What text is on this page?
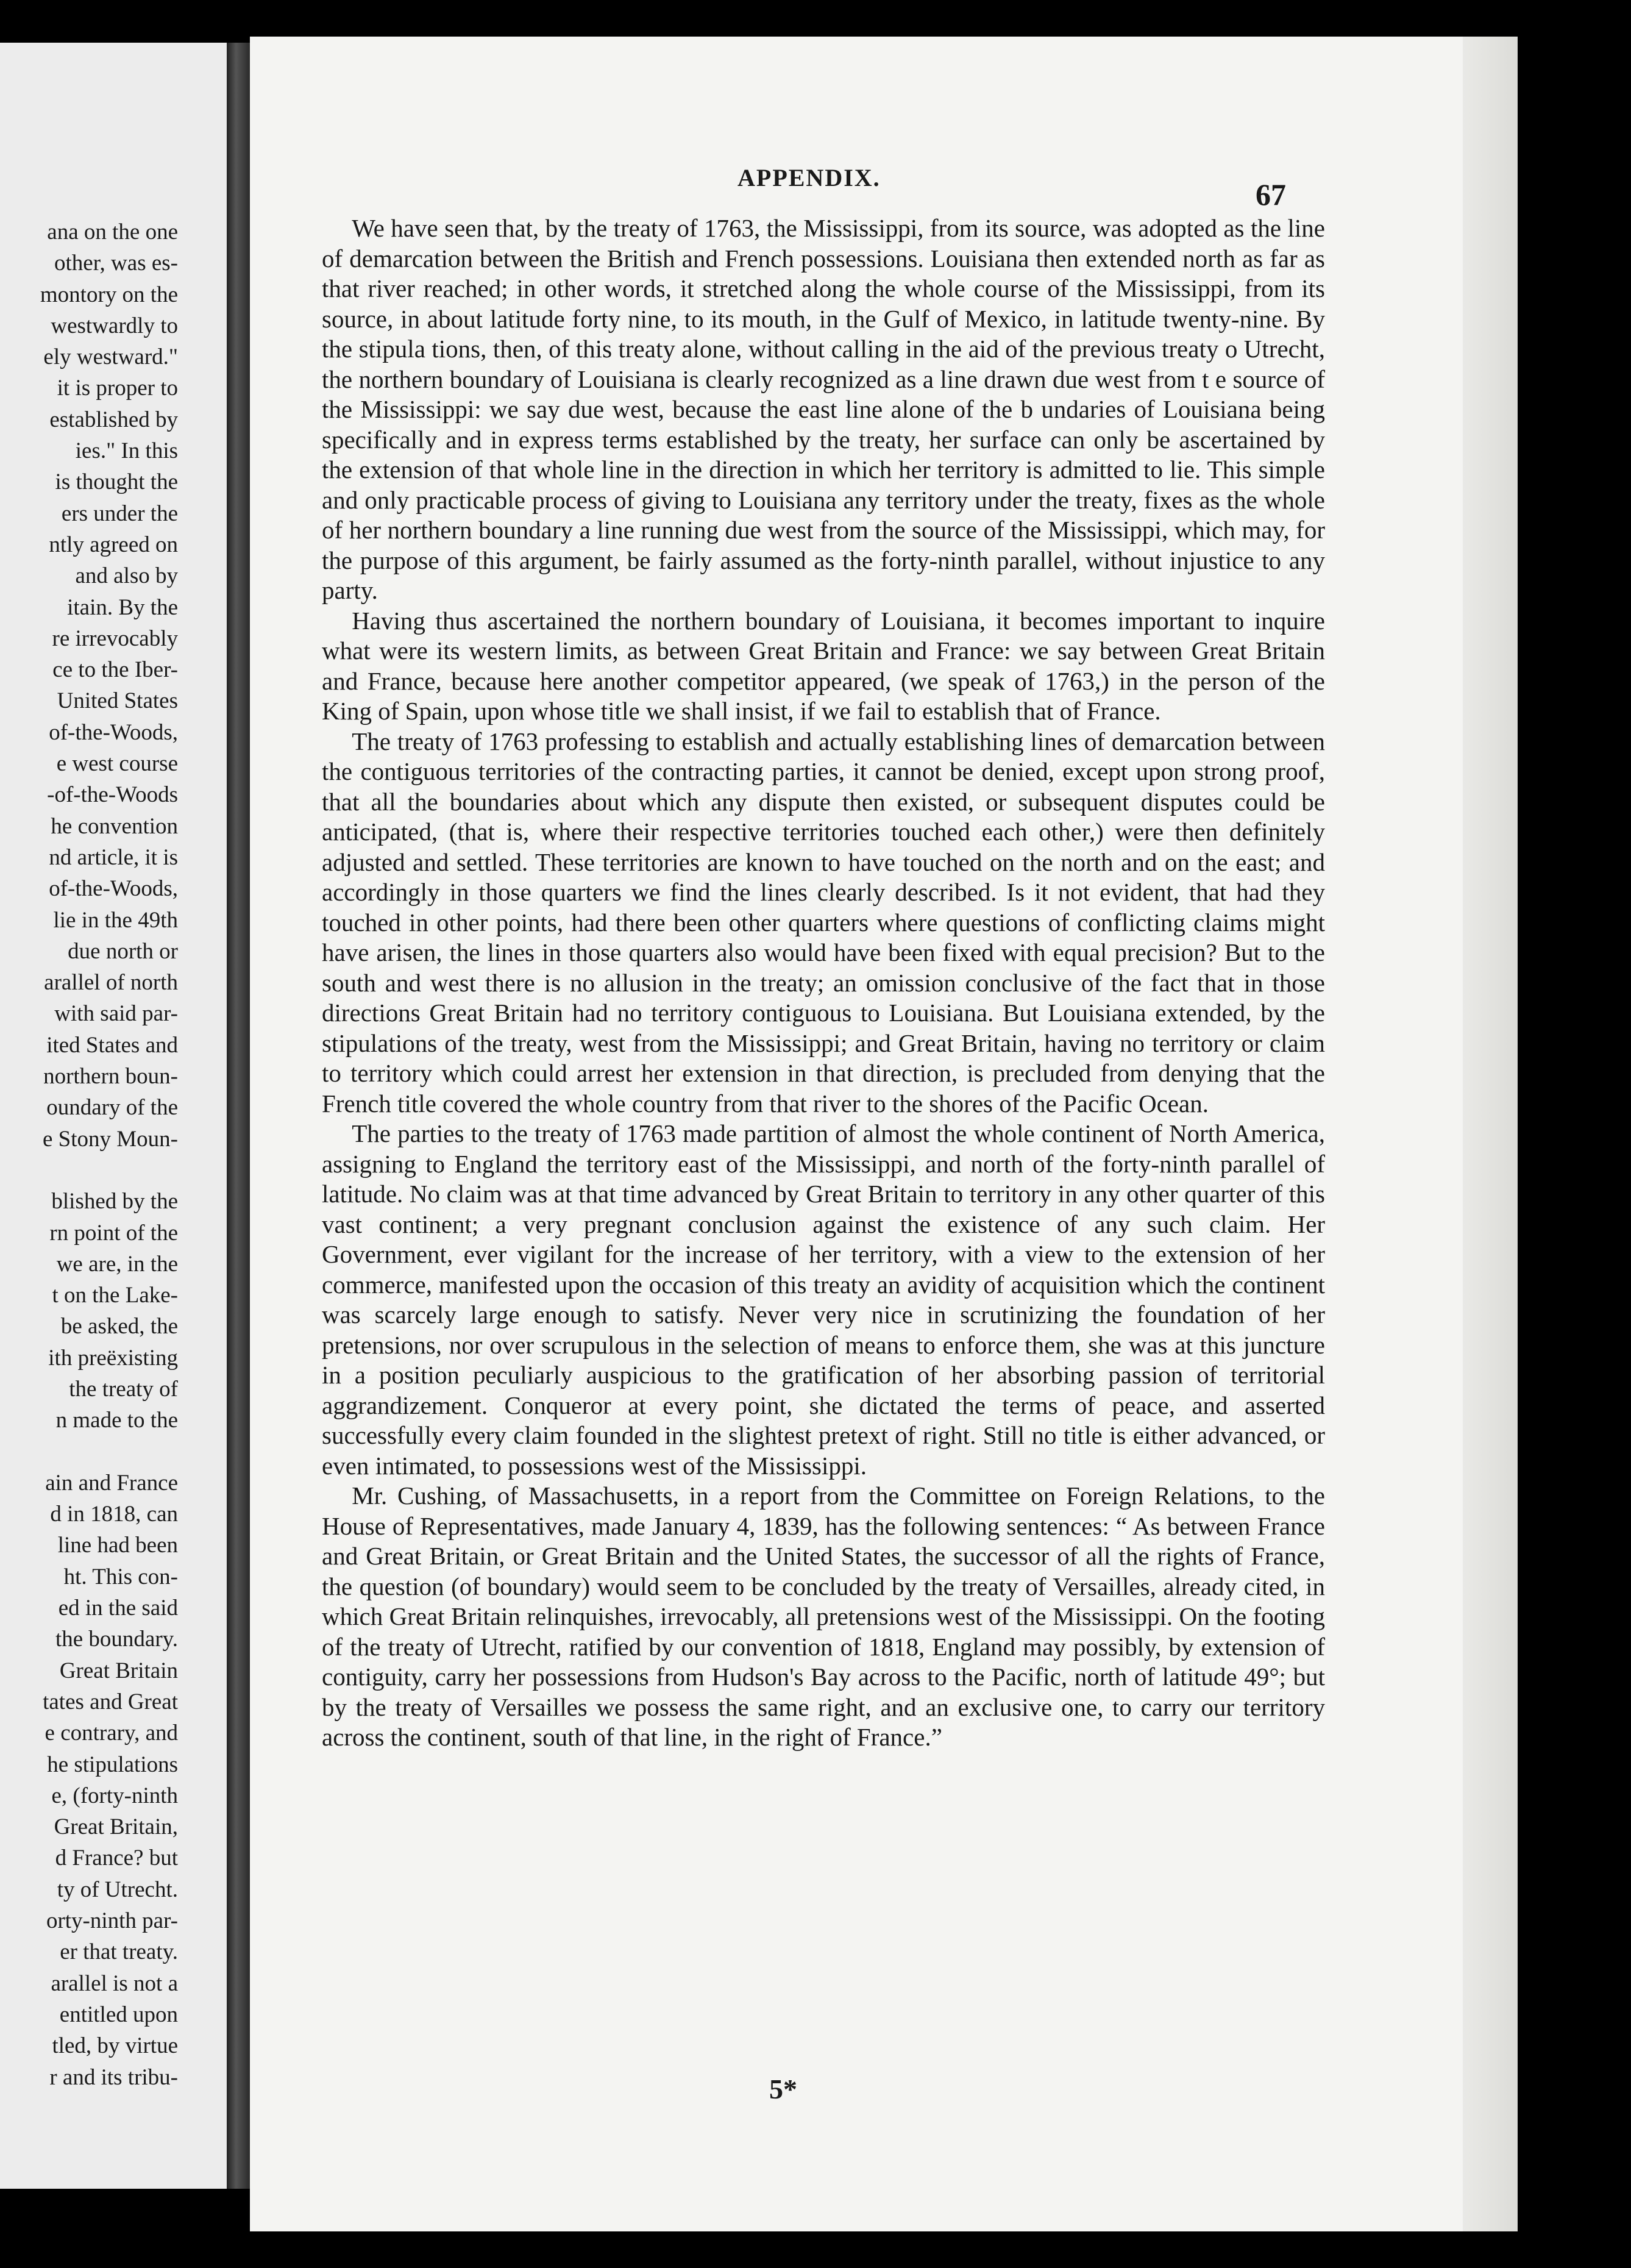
ana on the one
other, was es-
montory on the
westwardly to
ely westward."
it is proper to
established by
ies." In this
is thought the
ers under the
ntly agreed on
and also by
itain. By the
re irrevocably
ce to the Iber-
United States
of-the-Woods,
e west course
-of-the-Woods
he convention
nd article, it is
of-the-Woods,
lie in the 49th
due north or
arallel of north
with said par-
ited States and
northern boun-
oundary of the
e Stony Moun-
blished by the
rn point of the
we are, in the
t on the Lake-
be asked, the
ith preëxisting
the treaty of
n made to the
ain and France
d in 1818, can
line had been
ht. This con-
ed in the said
the boundary.
Great Britain
tates and Great
e contrary, and
he stipulations
e, (forty-ninth
Great Britain,
d France? but
ty of Utrecht.
orty-ninth par-
er that treaty.
arallel is not a
entitled upon
tled, by virtue
r and its tribu-
APPENDIX.	67

We have seen that, by the treaty of 1763, the Mississippi, from its source, was adopted as the line of demarcation between the British and French possessions. Louisiana then extended north as far as that river reached; in other words, it stretched along the whole course of the Mississippi, from its source, in about latitude forty nine, to its mouth, in the Gulf of Mexico, in latitude twenty-nine. By the stipula tions, then, of this treaty alone, without calling in the aid of the previous treaty o Utrecht, the northern boundary of Louisiana is clearly recognized as a line drawn due west from t e source of the Mississippi: we say due west, because the east line alone of the b undaries of Louisiana being specifically and in express terms established by the treaty, her surface can only be ascertained by the extension of that whole line in the direction in which her territory is admitted to lie. This simple and only practicable process of giving to Louisiana any territory under the treaty, fixes as the whole of her northern boundary a line running due west from the source of the Mississippi, which may, for the purpose of this argument, be fairly assumed as the forty-ninth parallel, without injustice to any party.

Having thus ascertained the northern boundary of Louisiana, it becomes important to inquire what were its western limits, as between Great Britain and France: we say between Great Britain and France, because here another competitor appeared, (we speak of 1763,) in the person of the King of Spain, upon whose title we shall insist, if we fail to establish that of France.

The treaty of 1763 professing to establish and actually establishing lines of demarcation between the contiguous territories of the contracting parties, it cannot be denied, except upon strong proof, that all the boundaries about which any dispute then existed, or subsequent disputes could be anticipated, (that is, where their respective territories touched each other,) were then definitely adjusted and settled. These territories are known to have touched on the north and on the east; and accordingly in those quarters we find the lines clearly described. Is it not evident, that had they touched in other points, had there been other quarters where questions of conflicting claims might have arisen, the lines in those quarters also would have been fixed with equal precision? But to the south and west there is no allusion in the treaty; an omission conclusive of the fact that in those directions Great Britain had no territory contiguous to Louisiana. But Louisiana extended, by the stipulations of the treaty, west from the Mississippi; and Great Britain, having no territory or claim to territory which could arrest her extension in that direction, is precluded from denying that the French title covered the whole country from that river to the shores of the Pacific Ocean.

The parties to the treaty of 1763 made partition of almost the whole continent of North America, assigning to England the territory east of the Mississippi, and north of the forty-ninth parallel of latitude. No claim was at that time advanced by Great Britain to territory in any other quarter of this vast continent; a very pregnant conclusion against the existence of any such claim. Her Government, ever vigilant for the increase of her territory, with a view to the extension of her commerce, manifested upon the occasion of this treaty an avidity of acquisition which the continent was scarcely large enough to satisfy. Never very nice in scrutinizing the foundation of her pretensions, nor over scrupulous in the selection of means to enforce them, she was at this juncture in a position peculiarly auspicious to the gratification of her absorbing passion of territorial aggrandizement. Conqueror at every point, she dictated the terms of peace, and asserted successfully every claim founded in the slightest pretext of right. Still no title is either advanced, or even intimated, to possessions west of the Mississippi.

Mr. Cushing, of Massachusetts, in a report from the Committee on Foreign Relations, to the House of Representatives, made January 4, 1839, has the following sentences: “ As between France and Great Britain, or Great Britain and the United States, the successor of all the rights of France, the question (of boundary) would seem to be concluded by the treaty of Versailles, already cited, in which Great Britain relinquishes, irrevocably, all pretensions west of the Mississippi. On the footing of the treaty of Utrecht, ratified by our convention of 1818, England may possibly, by extension of contiguity, carry her possessions from Hudson's Bay across to the Pacific, north of latitude 49°; but by the treaty of Versailles we possess the same right, and an exclusive one, to carry our territory across the continent, south of that line, in the right of France.”

5*
